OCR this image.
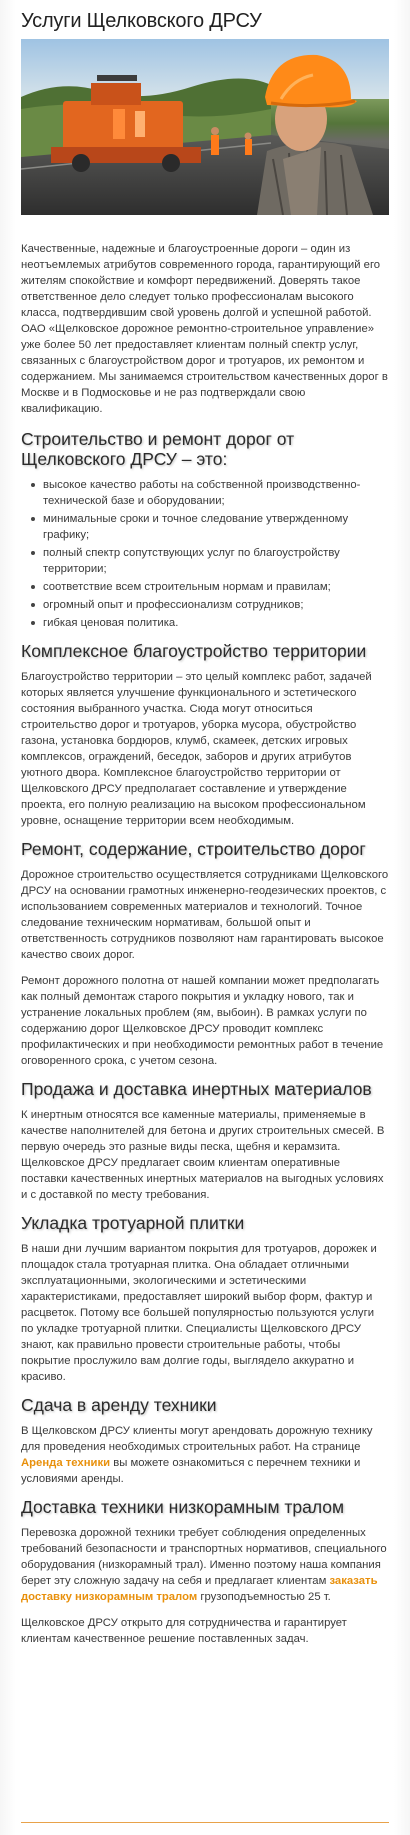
Услуги Щелковского ДРСУ

Качественные, надежные и благоустроенные дороги – один из неотъемлемых атрибутов современного города, гарантирующий его жителям спокойствие и комфорт передвижений. Доверять такое ответственное дело следует только профессионалам высокого класса, подтвердившим свой уровень долгой и успешной работой. ОАО «Щелковское дорожное ремонтно-строительное управление» уже более 50 лет предоставляет клиентам полный спектр услуг, связанных с благоустройством дорог и тротуаров, их ремонтом и содержанием. Мы занимаемся строительством качественных дорог в Москве и в Подмосковье и не раз подтверждали свою квалификацию.

Строительство и ремонт дорог от Щелковского ДРСУ – это:
высокое качество работы на собственной производственно-технической базе и оборудовании;
минимальные сроки и точное следование утвержденному графику;
полный спектр сопутствующих услуг по благоустройству территории;
соответствие всем строительным нормам и правилам;
огромный опыт и профессионализм сотрудников;
гибкая ценовая политика.
Комплексное благоустройство территории

Благоустройство территории – это целый комплекс работ, задачей которых является улучшение функционального и эстетического состояния выбранного участка. Сюда могут относиться строительство дорог и тротуаров, уборка мусора, обустройство газона, установка бордюров, клумб, скамеек, детских игровых комплексов, ограждений, беседок, заборов и других атрибутов уютного двора. Комплексное благоустройство территории от Щелковского ДРСУ предполагает составление и утверждение проекта, его полную реализацию на высоком профессиональном уровне, оснащение территории всем необходимым.

Ремонт, содержание, строительство дорог

Дорожное строительство осуществляется сотрудниками Щелковского ДРСУ на основании грамотных инженерно-геодезических проектов, с использованием современных материалов и технологий. Точное следование техническим нормативам, большой опыт и ответственность сотрудников позволяют нам гарантировать высокое качество своих дорог.

Ремонт дорожного полотна от нашей компании может предполагать как полный демонтаж старого покрытия и укладку нового, так и устранение локальных проблем (ям, выбоин). В рамках услуги по содержанию дорог Щелковское ДРСУ проводит комплекс профилактических и при необходимости ремонтных работ в течение оговоренного срока, с учетом сезона.

Продажа и доставка инертных материалов

К инертным относятся все каменные материалы, применяемые в качестве наполнителей для бетона и других строительных смесей. В первую очередь это разные виды песка, щебня и керамзита. Щелковское ДРСУ предлагает своим клиентам оперативные поставки качественных инертных материалов на выгодных условиях и с доставкой по месту требования.

Укладка тротуарной плитки

В наши дни лучшим вариантом покрытия для тротуаров, дорожек и площадок стала тротуарная плитка. Она обладает отличными эксплуатационными, экологическими и эстетическими характеристиками, предоставляет широкий выбор форм, фактур и расцветок. Потому все большей популярностью пользуются услуги по укладке тротуарной плитки. Специалисты Щелковского ДРСУ знают, как правильно провести строительные работы, чтобы покрытие прослужило вам долгие годы, выглядело аккуратно и красиво.

Сдача в аренду техники

В Щелковском ДРСУ клиенты могут арендовать дорожную технику для проведения необходимых строительных работ. На странице Аренда техники вы можете ознакомиться с перечнем техники и условиями аренды.

Доставка техники низкорамным тралом

Перевозка дорожной техники требует соблюдения определенных требований безопасности и транспортных нормативов, специального оборудования (низкорамный трал). Именно поэтому наша компания берет эту сложную задачу на себя и предлагает клиентам заказать доставку низкорамным тралом грузоподъемностью 25 т.

Щелковское ДРСУ открыто для сотрудничества и гарантирует клиентам качественное решение поставленных задач.
